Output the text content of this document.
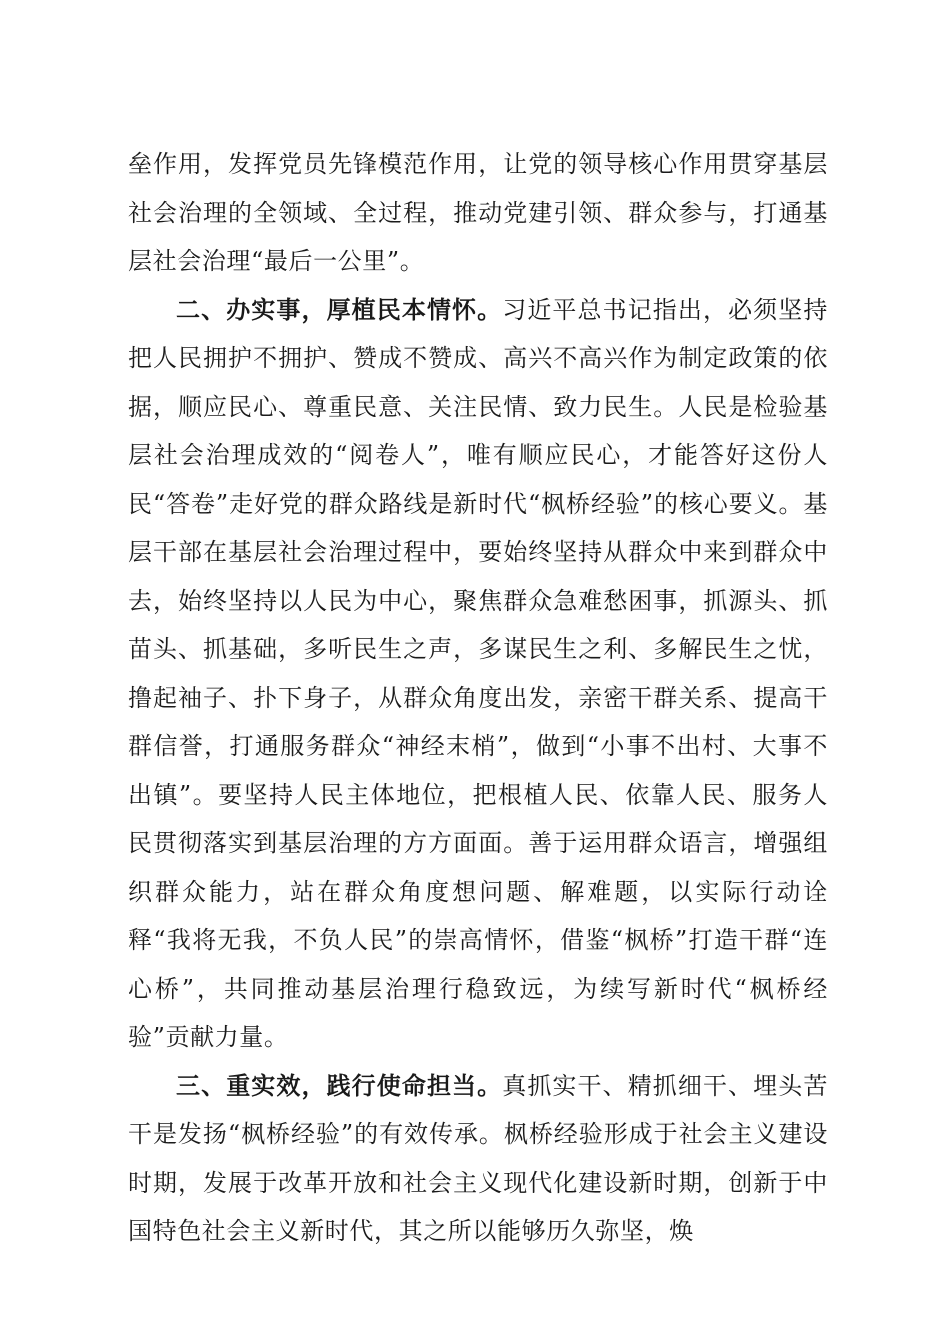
垒作用，发挥党员先锋模范作用，让党的领导核心作用贯穿基层社会治理的全领域、全过程，推动党建引领、群众参与，打通基层社会治理“最后一公里”。

二、办实事，厚植民本情怀。习近平总书记指出，必须坚持把人民拥护不拥护、赞成不赞成、高兴不高兴作为制定政策的依据，顺应民心、尊重民意、关注民情、致力民生。人民是检验基层社会治理成效的“阅卷人”，唯有顺应民心，才能答好这份人民“答卷”走好党的群众路线是新时代“枫桥经验”的核心要义。基层干部在基层社会治理过程中，要始终坚持从群众中来到群众中去，始终坚持以人民为中心，聚焦群众急难愁困事，抓源头、抓苗头、抓基础，多听民生之声，多谋民生之利、多解民生之忧，撸起袖子、扑下身子，从群众角度出发，亲密干群关系、提高干群信誉，打通服务群众“神经末梢”，做到“小事不出村、大事不出镇”。要坚持人民主体地位，把根植人民、依靠人民、服务人民贯彻落实到基层治理的方方面面。善于运用群众语言，增强组织群众能力，站在群众角度想问题、解难题，以实际行动诠释“我将无我，不负人民”的崇高情怀，借鉴“枫桥”打造干群“连心桥”，共同推动基层治理行稳致远，为续写新时代“枫桥经验”贡献力量。

三、重实效，践行使命担当。真抓实干、精抓细干、埋头苦干是发扬“枫桥经验”的有效传承。枫桥经验形成于社会主义建设时期，发展于改革开放和社会主义现代化建设新时期，创新于中国特色社会主义新时代，其之所以能够历久弥坚，焕
